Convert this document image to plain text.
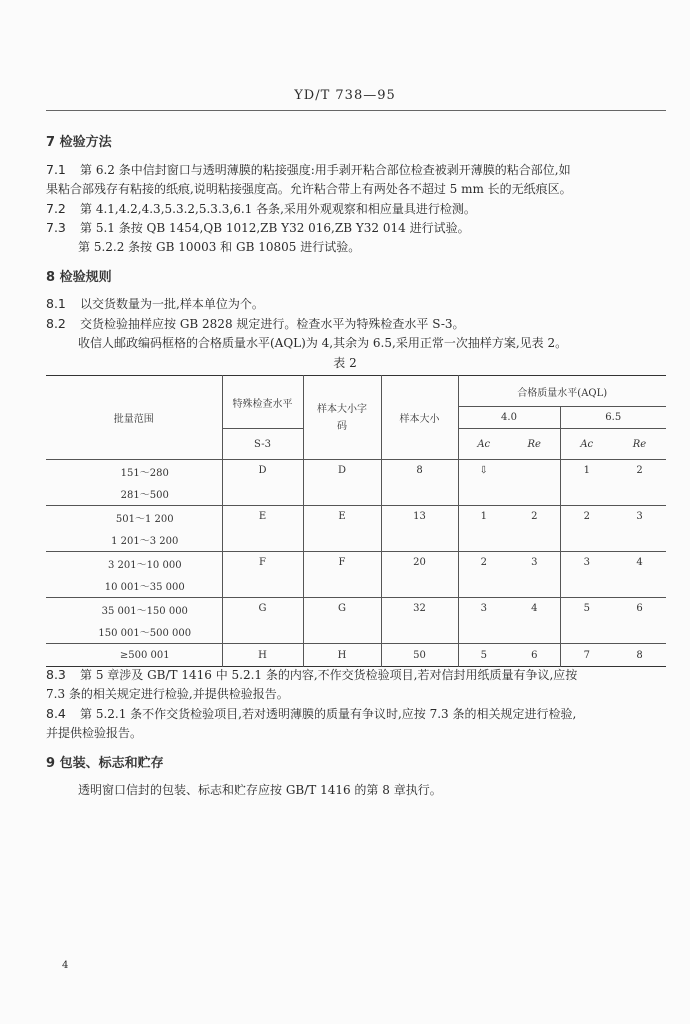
YD/T 738—95
7 检验方法
7.1 第 6.2 条中信封窗口与透明薄膜的粘接强度:用手剥开粘合部位检查被剥开薄膜的粘合部位,如
果粘合部残存有粘接的纸痕,说明粘接强度高。允许粘合带上有两处各不超过 5 mm 长的无纸痕区。
7.2 第 4.1,4.2,4.3,5.3.2,5.3.3,6.1 各条,采用外观观察和相应量具进行检测。
7.3 第 5.1 条按 QB 1454,QB 1012,ZB Y32 016,ZB Y32 014 进行试验。
第 5.2.2 条按 GB 10003 和 GB 10805 进行试验。
8 检验规则
8.1 以交货数量为一批,样本单位为个。
8.2 交货检验抽样应按 GB 2828 规定进行。检查水平为特殊检查水平 S-3。
收信人邮政编码框格的合格质量水平(AQL)为 4,其余为 6.5,采用正常一次抽样方案,见表 2。
表 2
批量范围	特殊检查水平	样本大小字码	样本大小	合格质量水平(AQL)			
				4.0		6.5	
	S-3			Ac	Re	Ac	Re
151～280	D	D	8	⇩		1	2
281～500							
501～1 200	E	E	13	1	2	2	3
1 201～3 200							
3 201～10 000	F	F	20	2	3	3	4
10 001～35 000							
35 001～150 000	G	G	32	3	4	5	6
150 001～500 000							
≥500 001	H	H	50	5	6	7	8
8.3 第 5 章涉及 GB/T 1416 中 5.2.1 条的内容,不作交货检验项目,若对信封用纸质量有争议,应按
7.3 条的相关规定进行检验,并提供检验报告。
8.4 第 5.2.1 条不作交货检验项目,若对透明薄膜的质量有争议时,应按 7.3 条的相关规定进行检验,
并提供检验报告。
9 包装、标志和贮存
透明窗口信封的包装、标志和贮存应按 GB/T 1416 的第 8 章执行。
4
